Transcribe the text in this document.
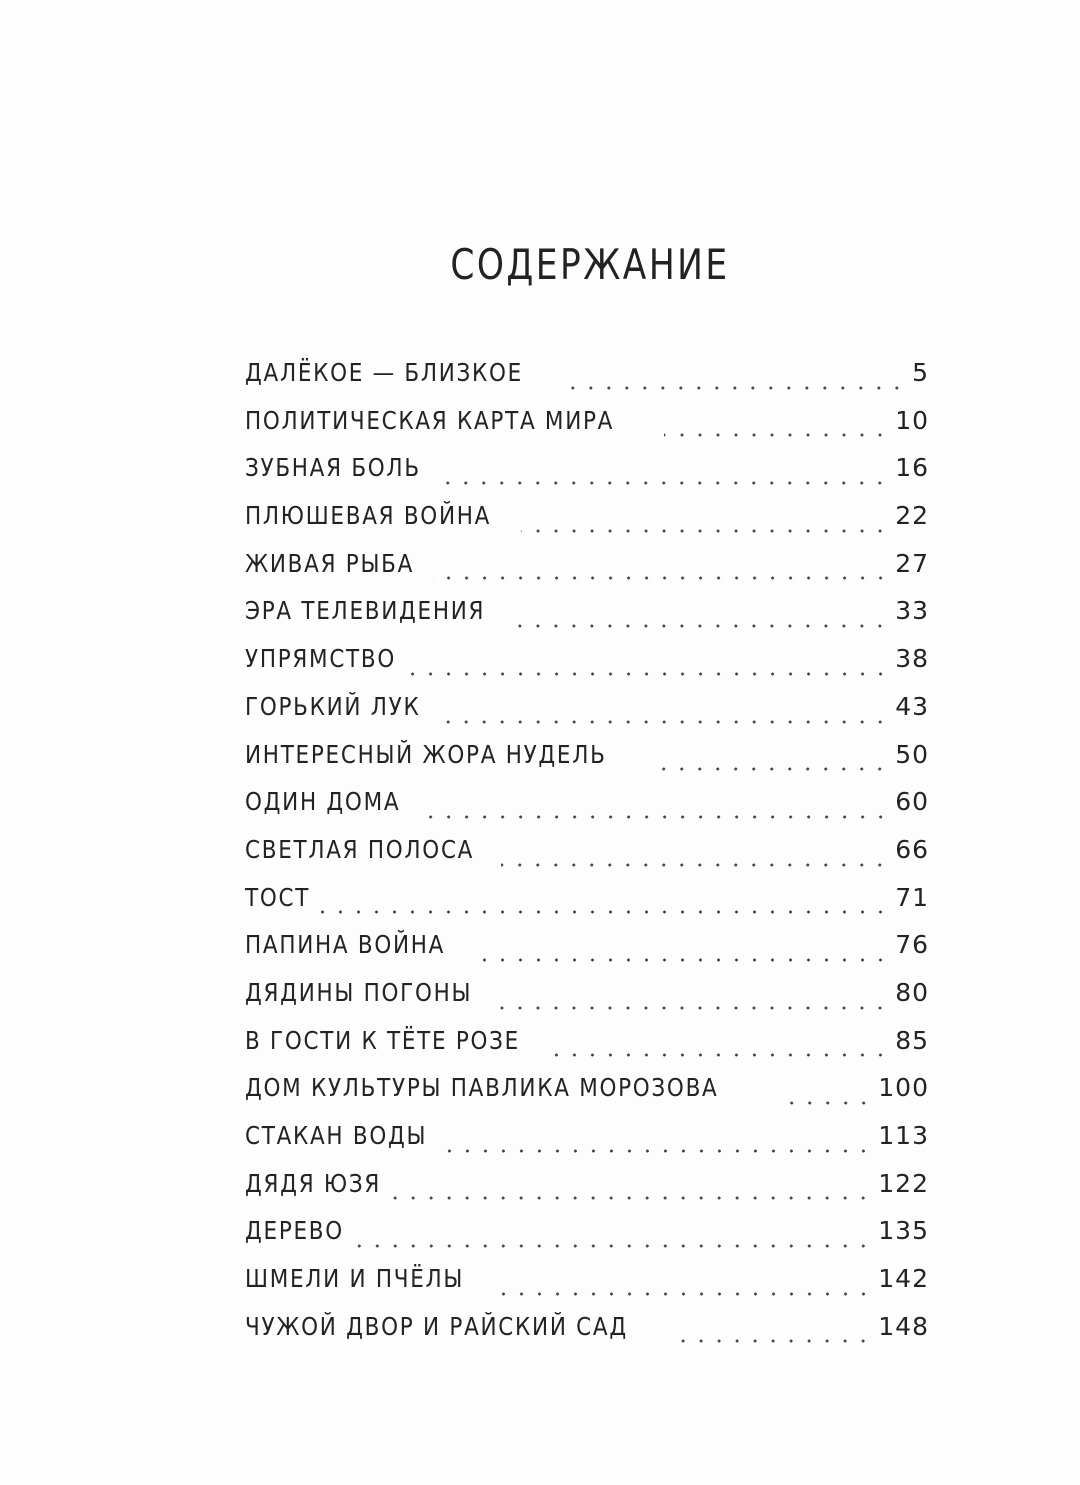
СОДЕРЖАНИЕ
ДАЛЁКОЕ — БЛИЗКОЕ	5
ПОЛИТИЧЕСКАЯ КАРТА МИРА	10
ЗУБНАЯ БОЛЬ	16
ПЛЮШЕВАЯ ВОЙНА	22
ЖИВАЯ РЫБА	27
ЭРА ТЕЛЕВИДЕНИЯ	33
УПРЯМСТВО	38
ГОРЬКИЙ ЛУК	43
ИНТЕРЕСНЫЙ ЖОРА НУДЕЛЬ	50
ОДИН ДОМА	60
СВЕТЛАЯ ПОЛОСА	66
ТОСТ	71
ПАПИНА ВОЙНА	76
ДЯДИНЫ ПОГОНЫ	80
В ГОСТИ К ТЁТЕ РОЗЕ	85
ДОМ КУЛЬТУРЫ ПАВЛИКА МОРОЗОВА	100
СТАКАН ВОДЫ	113
ДЯДЯ ЮЗЯ	122
ДЕРЕВО	135
ШМЕЛИ И ПЧЁЛЫ	142
ЧУЖОЙ ДВОР И РАЙСКИЙ САД	148
